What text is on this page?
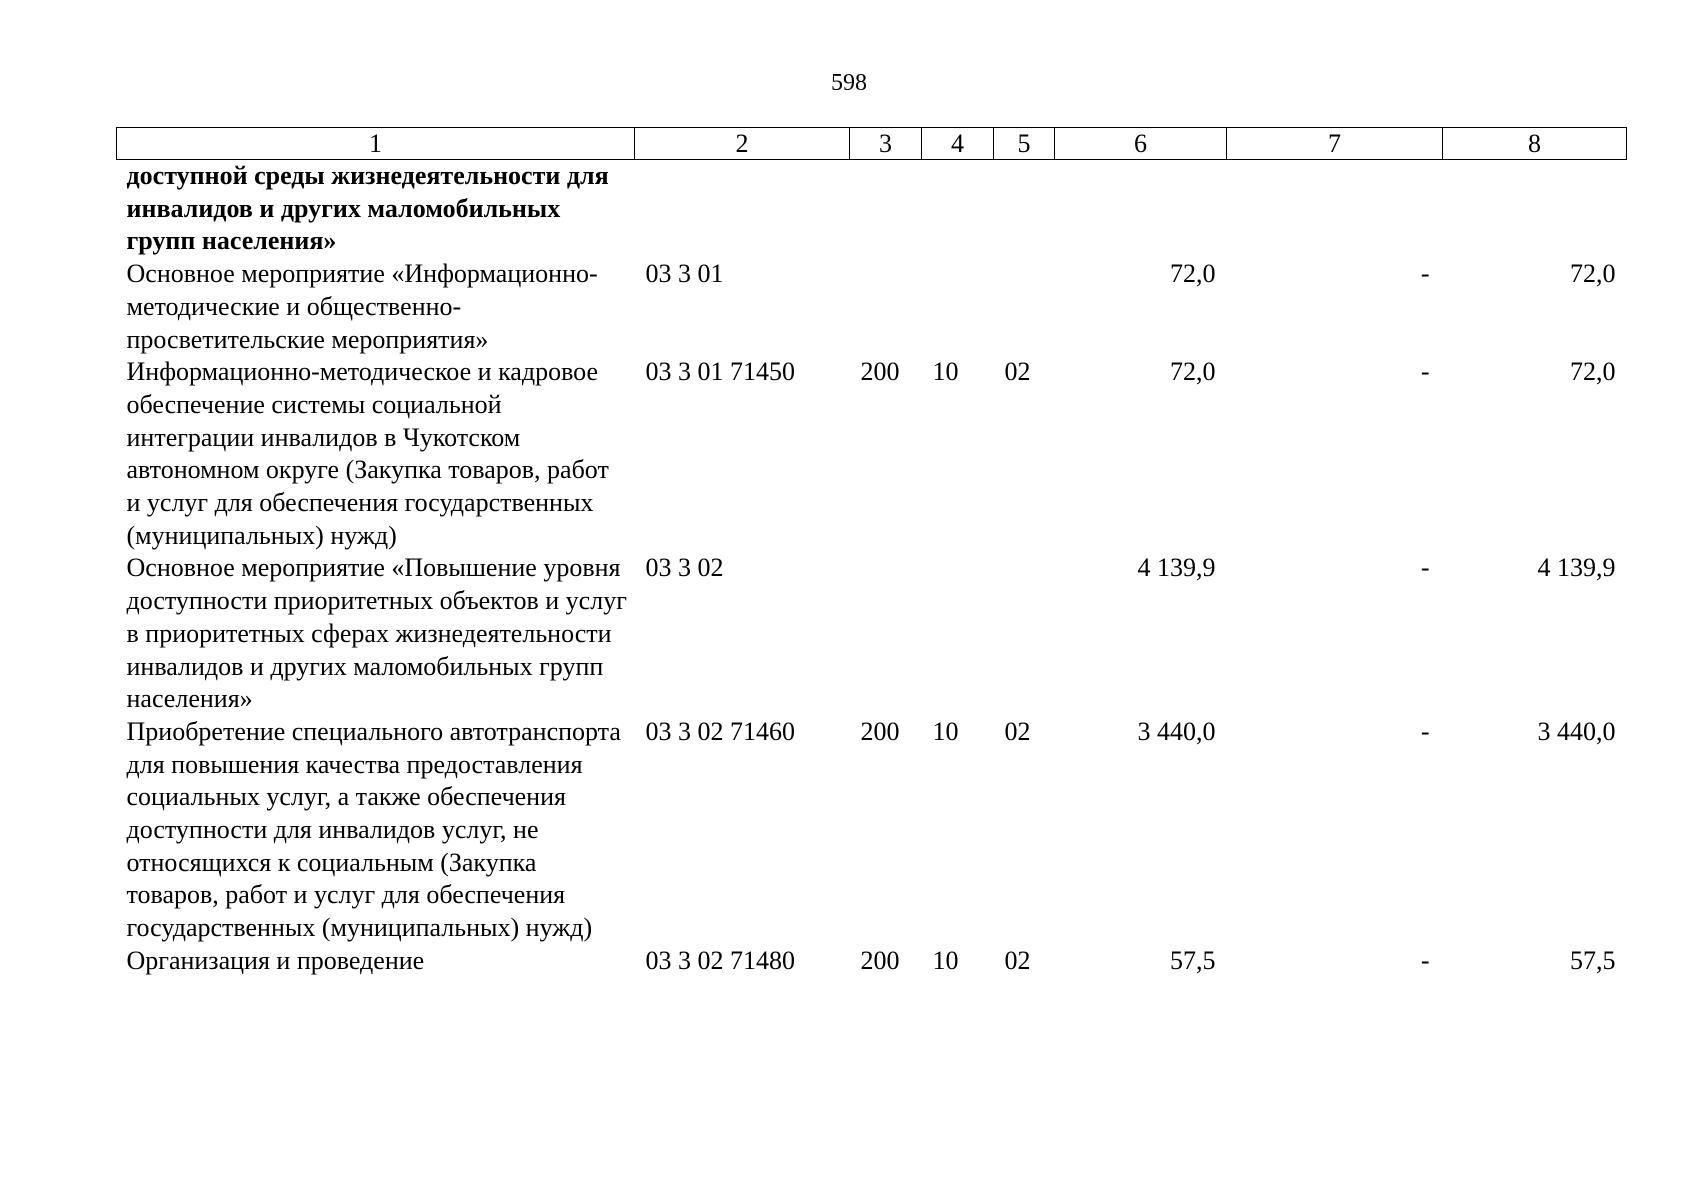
598
1	2	3	4	5	6	7	8
доступной среды жизнедеятельности для инвалидов и других маломобильных групп населения»							
Основное мероприятие «Информационно-методические и общественно-просветительские мероприятия»	03 3 01				72,0	-	72,0
Информационно-методическое и кадровое обеспечение системы социальной интеграции инвалидов в Чукотском автономном округе (Закупка товаров, работ и услуг для обеспечения государственных (муниципальных) нужд)	03 3 01 71450	200	10	02	72,0	-	72,0
Основное мероприятие «Повышение уровня доступности приоритетных объектов и услуг в приоритетных сферах жизнедеятельности инвалидов и других маломобильных групп населения»	03 3 02				4 139,9	-	4 139,9
Приобретение специального автотранспорта для повышения качества предоставления социальных услуг, а также обеспечения доступности для инвалидов услуг, не относящихся к социальным (Закупка товаров, работ и услуг для обеспечения государственных (муниципальных) нужд)	03 3 02 71460	200	10	02	3 440,0	-	3 440,0
Организация и проведение	03 3 02 71480	200	10	02	57,5	-	57,5
